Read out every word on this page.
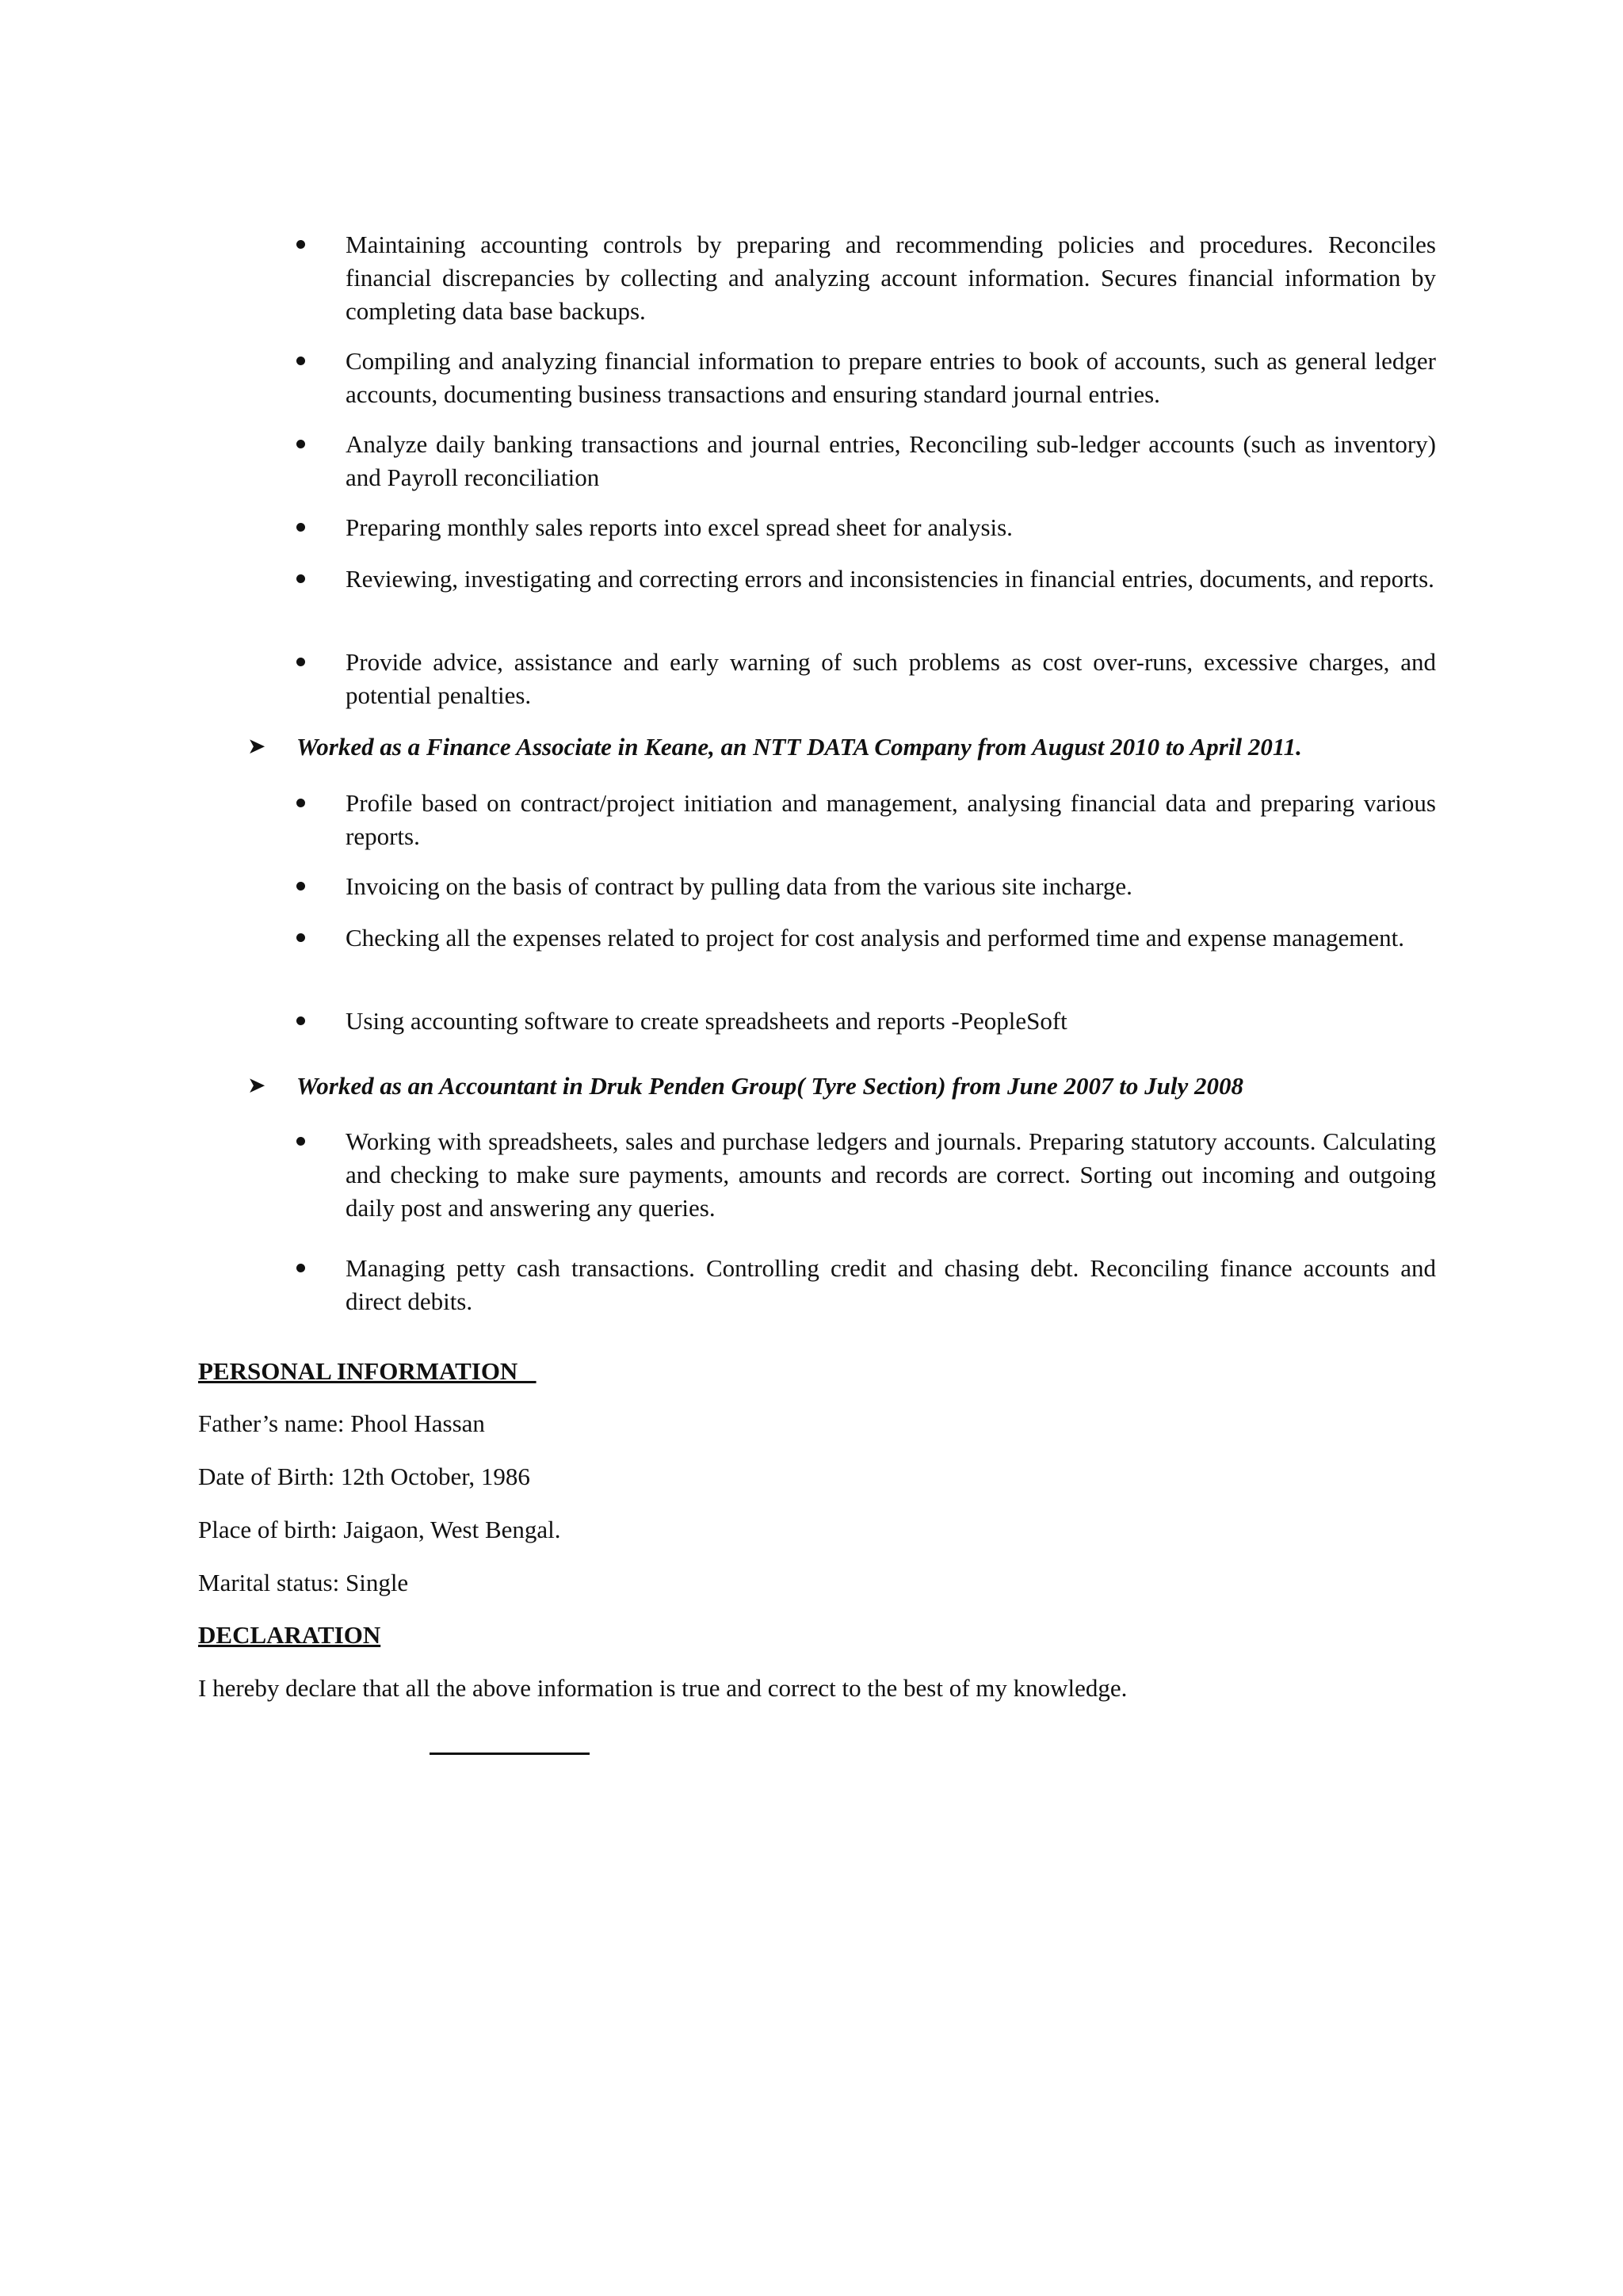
Maintaining accounting controls by preparing and recommending policies and procedures. Reconciles financial discrepancies by collecting and analyzing account information. Secures financial information by completing data base backups.
Compiling and analyzing financial information to prepare entries to book of accounts, such as general ledger accounts, documenting business transactions and ensuring standard journal entries.
Analyze daily banking transactions and journal entries, Reconciling sub-ledger accounts (such as inventory) and Payroll reconciliation
Preparing monthly sales reports into excel spread sheet for analysis.
Reviewing, investigating and correcting errors and inconsistencies in financial entries, documents, and reports.
Provide advice, assistance and early warning of such problems as cost over-runs, excessive charges, and potential penalties.
➤ Worked as a Finance Associate in Keane, an NTT DATA Company from August 2010 to April 2011.
Profile based on contract/project initiation and management, analysing financial data and preparing various reports.
Invoicing on the basis of contract by pulling data from the various site incharge.
Checking all the expenses related to project for cost analysis and performed time and expense management.
Using accounting software to create spreadsheets and reports -PeopleSoft
➤ Worked as an Accountant in Druk Penden Group( Tyre Section) from June 2007 to July 2008
Working with spreadsheets, sales and purchase ledgers and journals. Preparing statutory accounts. Calculating and checking to make sure payments, amounts and records are correct. Sorting out incoming and outgoing daily post and answering any queries.
Managing petty cash transactions. Controlling credit and chasing debt. Reconciling finance accounts and direct debits.
PERSONAL INFORMATION
Father’s name: Phool Hassan
Date of Birth: 12th October, 1986
Place of birth: Jaigaon, West Bengal.
Marital status: Single
DECLARATION
I hereby declare that all the above information is true and correct to the best of my knowledge.
